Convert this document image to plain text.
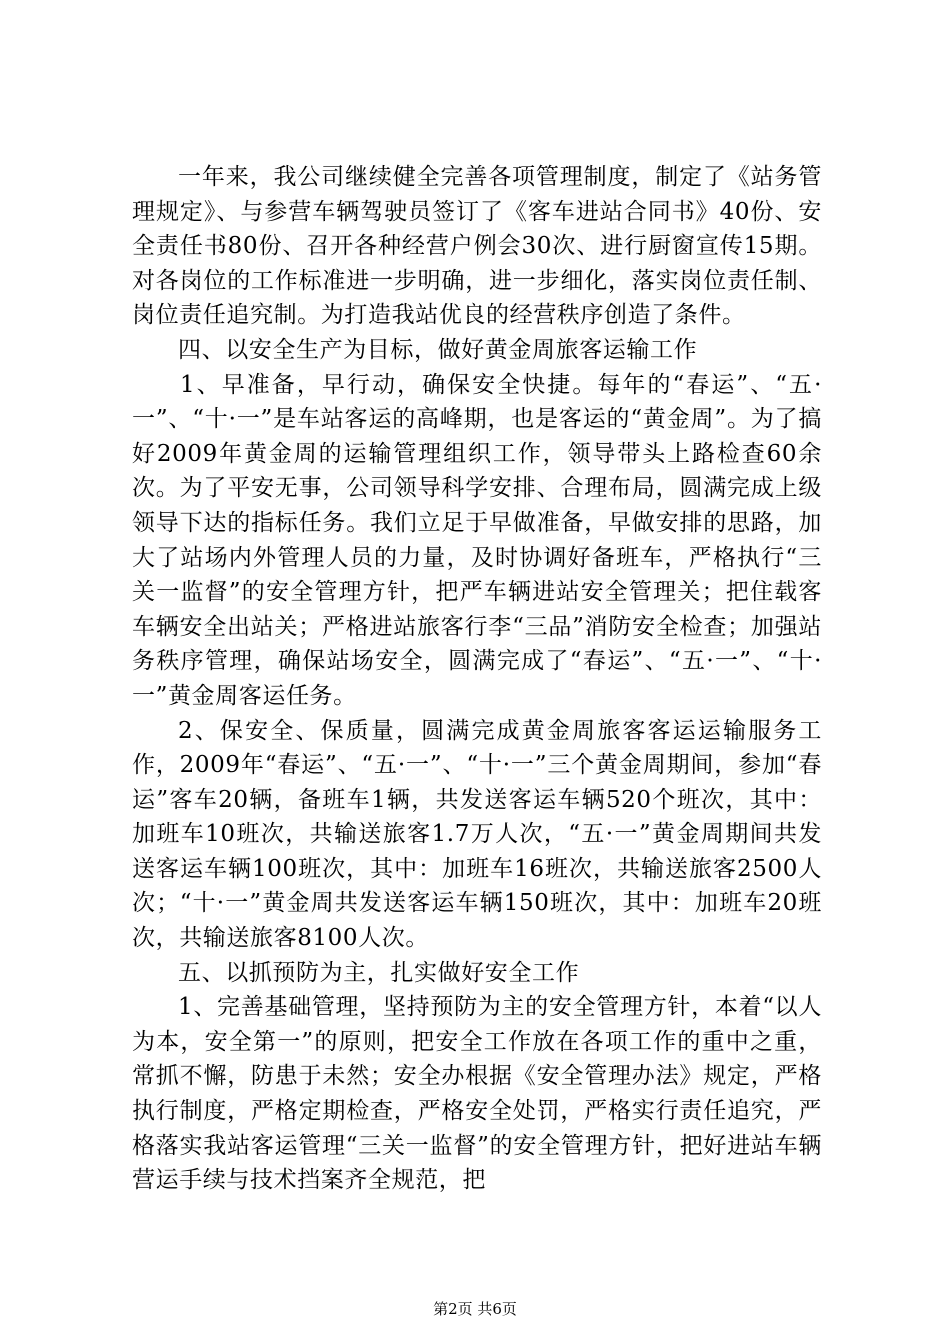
一年来，我公司继续健全完善各项管理制度，制定了《站务管理规定》、与参营车辆驾驶员签订了《客车进站合同书》40份、安全责任书80份、召开各种经营户例会30次、进行厨窗宣传15期。对各岗位的工作标准进一步明确，进一步细化，落实岗位责任制、岗位责任追究制。为打造我站优良的经营秩序创造了条件。

四、以安全生产为目标，做好黄金周旅客运输工作

1、早准备，早行动，确保安全快捷。每年的“春运”、“五·一”、“十·一”是车站客运的高峰期，也是客运的“黄金周”。为了搞好2009年黄金周的运输管理组织工作，领导带头上路检查60余次。为了平安无事，公司领导科学安排、合理布局，圆满完成上级领导下达的指标任务。我们立足于早做准备，早做安排的思路，加大了站场内外管理人员的力量，及时协调好备班车，严格执行“三关一监督”的安全管理方针，把严车辆进站安全管理关；把住载客车辆安全出站关；严格进站旅客行李“三品”消防安全检查；加强站务秩序管理，确保站场安全，圆满完成了“春运”、“五·一”、“十·一”黄金周客运任务。

2、保安全、保质量，圆满完成黄金周旅客客运运输服务工作，2009年“春运”、“五·一”、“十·一”三个黄金周期间，参加“春运”客车20辆，备班车1辆，共发送客运车辆520个班次，其中：加班车10班次，共输送旅客1.7万人次，“五·一”黄金周期间共发送客运车辆100班次，其中：加班车16班次，共输送旅客2500人次；“十·一”黄金周共发送客运车辆150班次，其中：加班车20班次，共输送旅客8100人次。

五、以抓预防为主，扎实做好安全工作

1、完善基础管理，坚持预防为主的安全管理方针，本着“以人为本，安全第一”的原则，把安全工作放在各项工作的重中之重，常抓不懈，防患于未然；安全办根据《安全管理办法》规定，严格执行制度，严格定期检查，严格安全处罚，严格实行责任追究，严格落实我站客运管理“三关一监督”的安全管理方针，把好进站车辆营运手续与技术挡案齐全规范，把

第2页 共6页
